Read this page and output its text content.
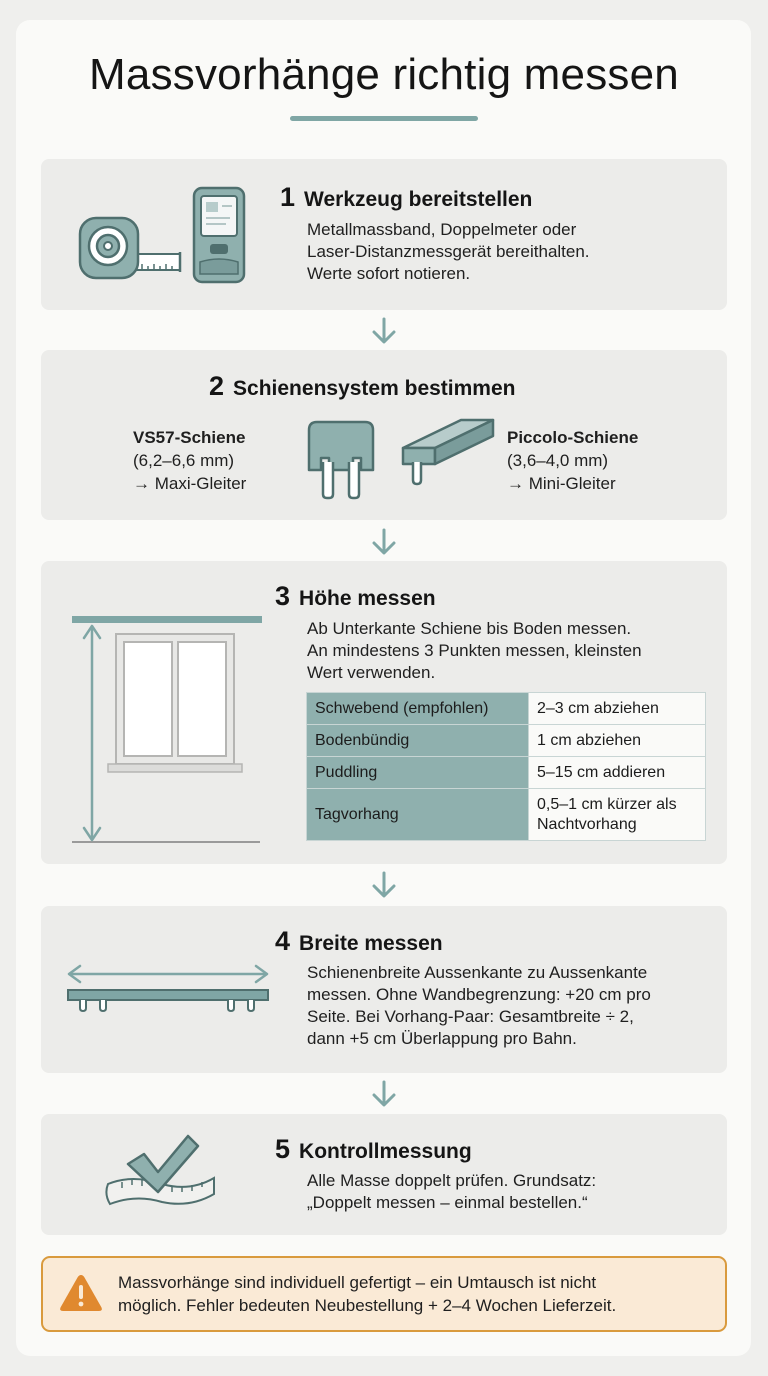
Massvorhänge richtig messen
1 Werkzeug bereitstellen
Metallmassband, Doppelmeter oder
Laser-Distanzmessgerät bereithalten.
Werte sofort notieren.
2 Schienensystem bestimmen
VS57-Schiene
(6,2–6,6 mm)
→ Maxi-Gleiter
Piccolo-Schiene
(3,6–4,0 mm)
→ Mini-Gleiter
3 Höhe messen
Ab Unterkante Schiene bis Boden messen.
An mindestens 3 Punkten messen, kleinsten
Wert verwenden.
Schwebend (empfohlen)	2–3 cm abziehen
Bodenbündig	1 cm abziehen
Puddling	5–15 cm addieren
Tagvorhang	0,5–1 cm kürzer als
Nachtvorhang
4 Breite messen
Schienenbreite Aussenkante zu Aussenkante
messen. Ohne Wandbegrenzung: +20 cm pro
Seite. Bei Vorhang-Paar: Gesamtbreite ÷ 2,
dann +5 cm Überlappung pro Bahn.
5 Kontrollmessung
Alle Masse doppelt prüfen. Grundsatz:
„Doppelt messen – einmal bestellen.“
Massvorhänge sind individuell gefertigt – ein Umtausch ist nicht
möglich. Fehler bedeuten Neubestellung + 2–4 Wochen Lieferzeit.
